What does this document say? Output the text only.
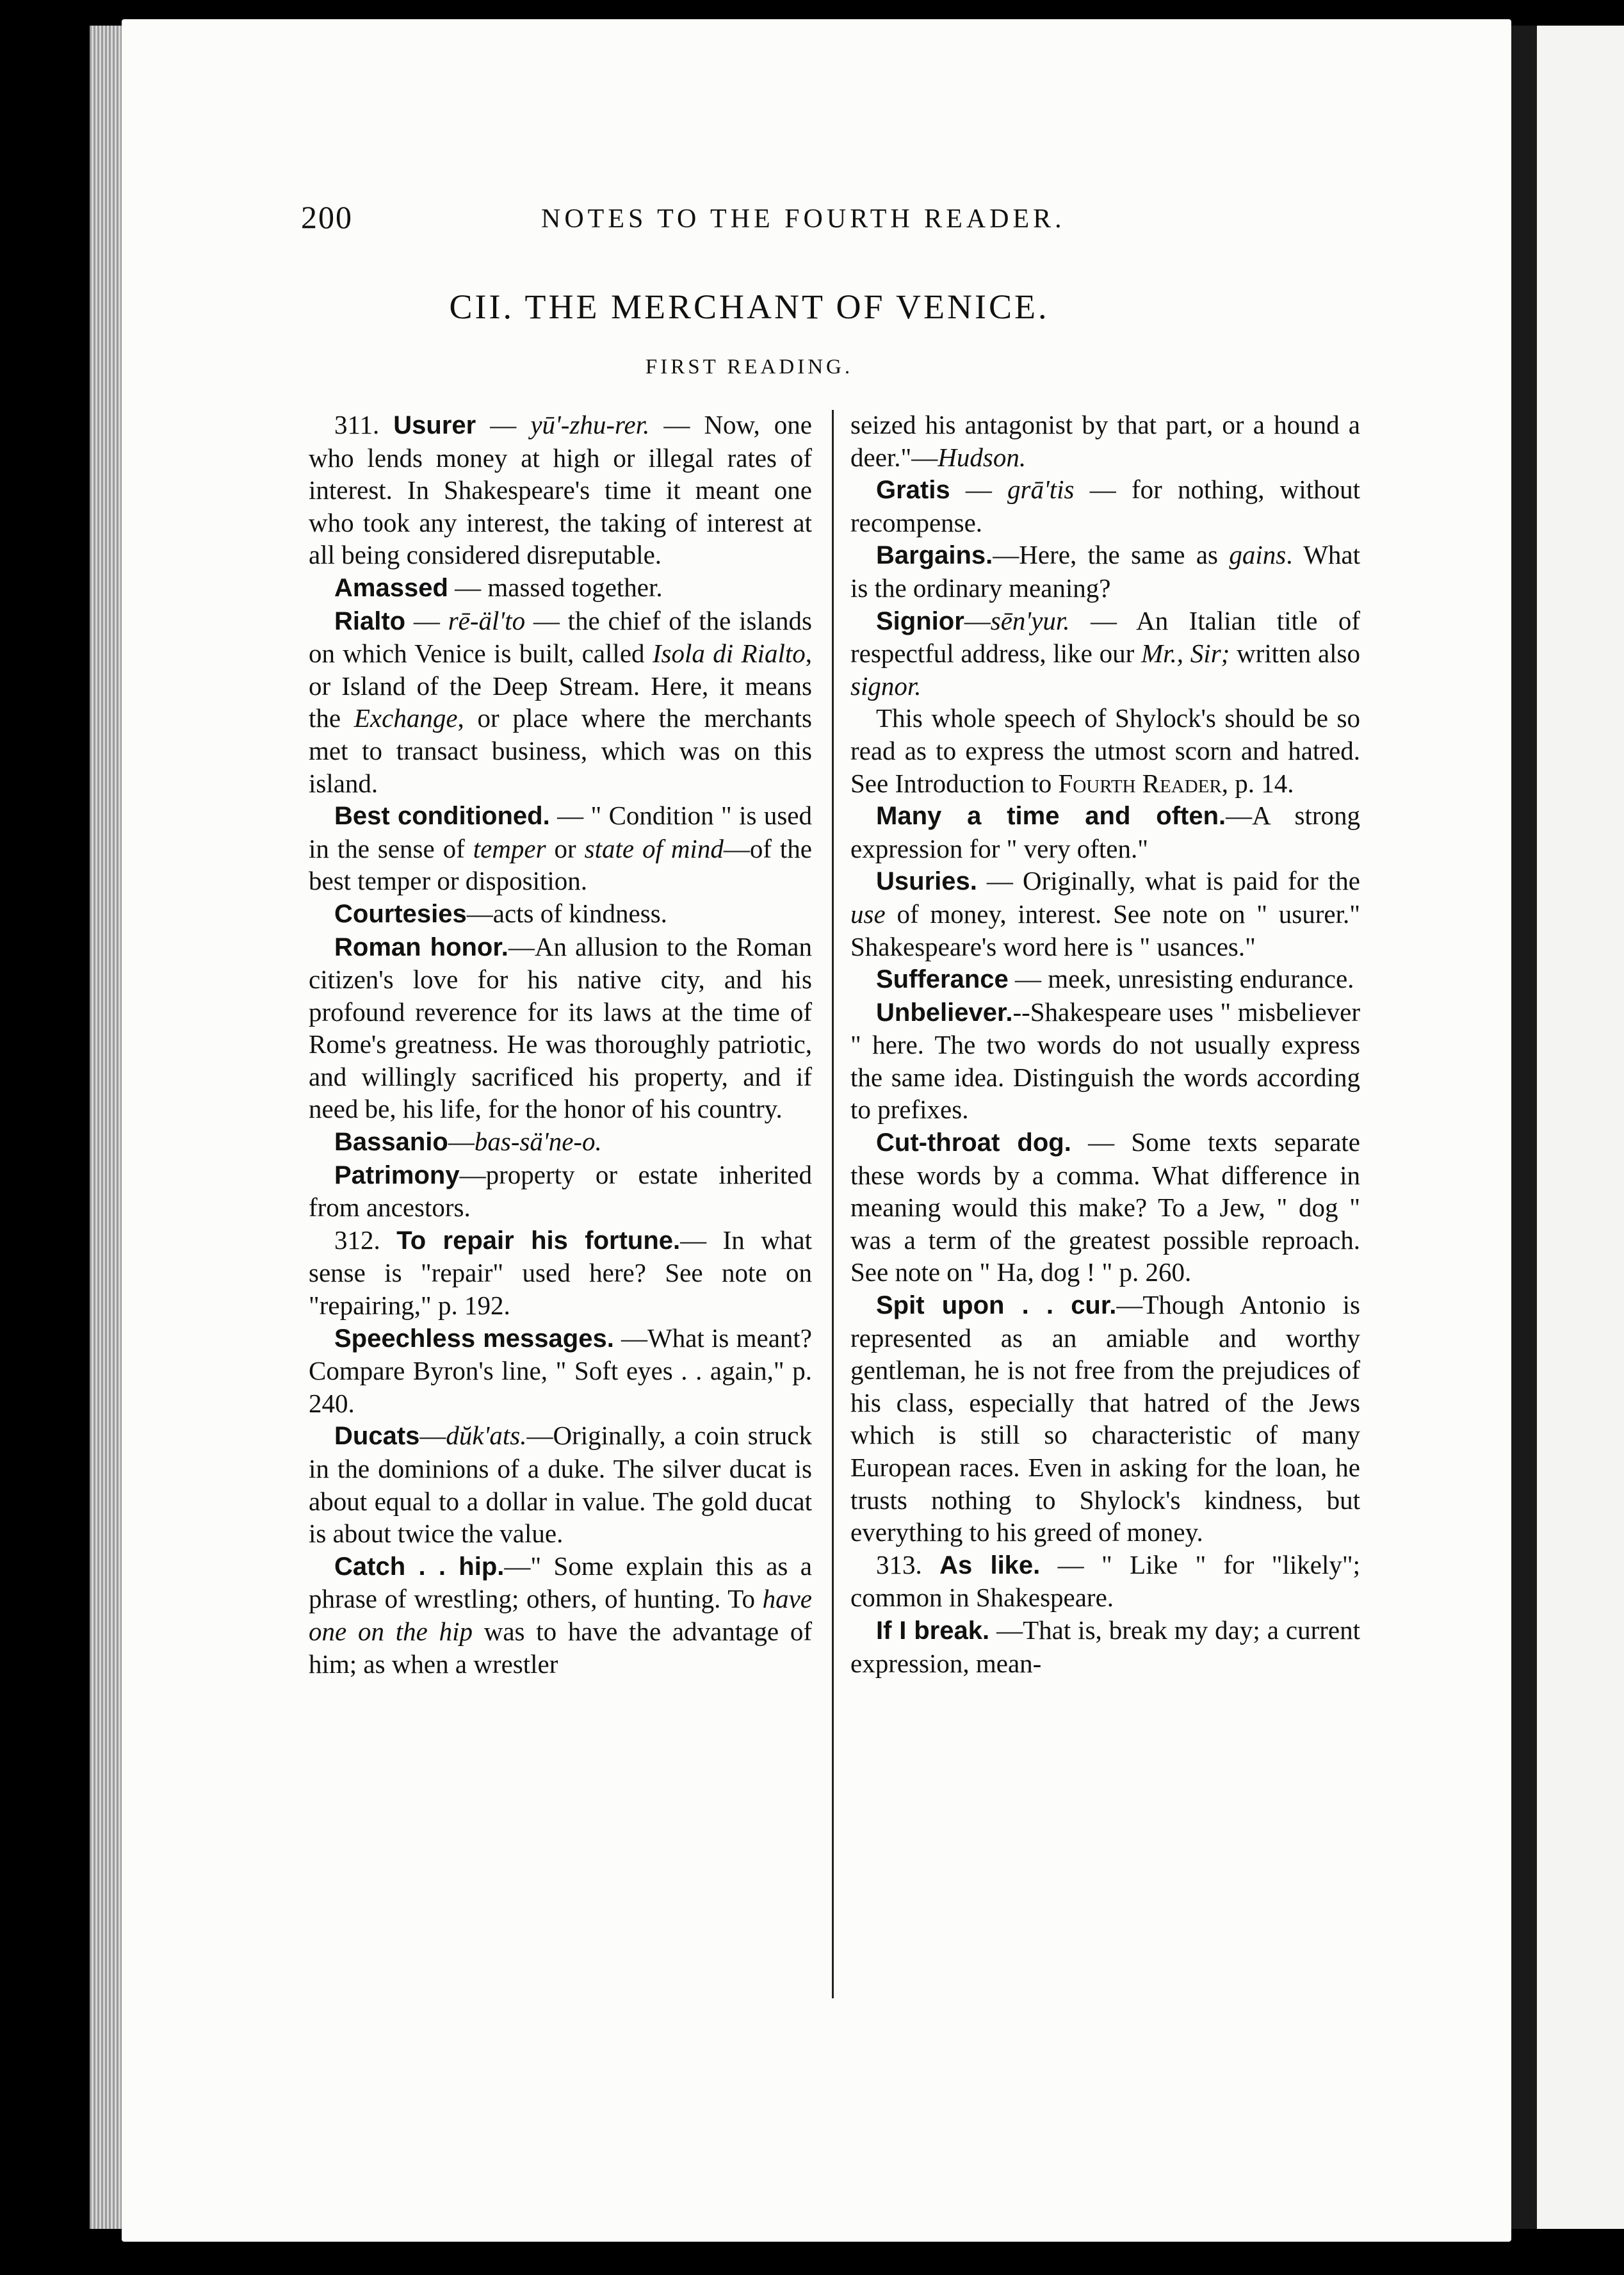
200	NOTES TO THE FOURTH READER.
CII. THE MERCHANT OF VENICE.
FIRST READING.

311. Usurer — yū'-zhu-rer. — Now, one who lends money at high or illegal rates of interest. In Shakespeare's time it meant one who took any interest, the taking of interest at all being considered disreputable.

Amassed — massed together.

Rialto — rē-äl'to — the chief of the islands on which Venice is built, called Isola di Rialto, or Island of the Deep Stream. Here, it means the Exchange, or place where the merchants met to transact business, which was on this island.

Best conditioned. — " Condition " is used in the sense of temper or state of mind—of the best temper or disposition.

Courtesies—acts of kindness.

Roman honor.—An allusion to the Roman citizen's love for his native city, and his profound reverence for its laws at the time of Rome's greatness. He was thoroughly patriotic, and willingly sacrificed his property, and if need be, his life, for the honor of his country.

Bassanio—bas-sä'ne-o.

Patrimony—property or estate inherited from ancestors.

312. To repair his fortune.— In what sense is "repair" used here? See note on "repairing," p. 192.

Speechless messages. —What is meant? Compare Byron's line, " Soft eyes . . again," p. 240.

Ducats—dŭk'ats.—Originally, a coin struck in the dominions of a duke. The silver ducat is about equal to a dollar in value. The gold ducat is about twice the value.

Catch . . hip.—" Some explain this as a phrase of wrestling; others, of hunting. To have one on the hip was to have the advantage of him; as when a wrestler

seized his antagonist by that part, or a hound a deer."—Hudson.

Gratis — grā'tis — for nothing, without recompense.

Bargains.—Here, the same as gains. What is the ordinary meaning?

Signior—sēn'yur. — An Italian title of respectful address, like our Mr., Sir; written also signor.

This whole speech of Shylock's should be so read as to express the utmost scorn and hatred. See Introduction to Fourth Reader, p. 14.

Many a time and often.—A strong expression for " very often."

Usuries. — Originally, what is paid for the use of money, interest. See note on " usurer." Shakespeare's word here is " usances."

Sufferance — meek, unresisting endurance.

Unbeliever.--Shakespeare uses " misbeliever " here. The two words do not usually express the same idea. Distinguish the words according to prefixes.

Cut-throat dog. — Some texts separate these words by a comma. What difference in meaning would this make? To a Jew, " dog " was a term of the greatest possible reproach. See note on " Ha, dog ! " p. 260.

Spit upon . . cur.—Though Antonio is represented as an amiable and worthy gentleman, he is not free from the prejudices of his class, especially that hatred of the Jews which is still so characteristic of many European races. Even in asking for the loan, he trusts nothing to Shylock's kindness, but everything to his greed of money.

313. As like. — " Like " for "likely"; common in Shakespeare.

If I break. —That is, break my day; a current expression, mean-
